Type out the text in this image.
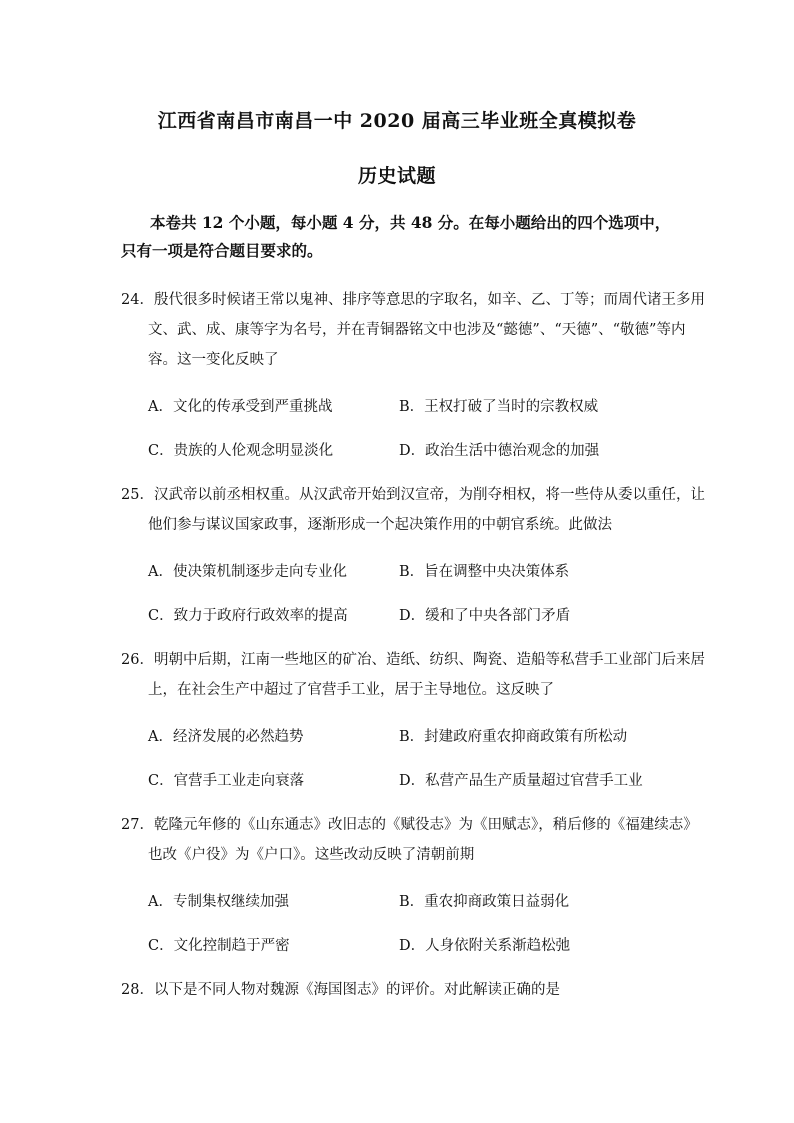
江西省南昌市南昌一中 2020 届高三毕业班全真模拟卷
历史试题
本卷共 12 个小题，每小题 4 分，共 48 分。在每小题给出的四个选项中，
只有一项是符合题目要求的。
24．殷代很多时候诸王常以鬼神、排序等意思的字取名，如辛、乙、丁等；而周代诸王多用
文、武、成、康等字为名号，并在青铜器铭文中也涉及“懿德”、“天德”、“敬德”等内
容。这一变化反映了
A．文化的传承受到严重挑战	B．王权打破了当时的宗教权威
C．贵族的人伦观念明显淡化	D．政治生活中德治观念的加强
25．汉武帝以前丞相权重。从汉武帝开始到汉宣帝，为削夺相权，将一些侍从委以重任，让
他们参与谋议国家政事，逐渐形成一个起决策作用的中朝官系统。此做法
A．使决策机制逐步走向专业化	B．旨在调整中央决策体系
C．致力于政府行政效率的提高	D．缓和了中央各部门矛盾
26．明朝中后期，江南一些地区的矿冶、造纸、纺织、陶瓷、造船等私营手工业部门后来居
上，在社会生产中超过了官营手工业，居于主导地位。这反映了
A．经济发展的必然趋势	B．封建政府重农抑商政策有所松动
C．官营手工业走向衰落	D．私营产品生产质量超过官营手工业
27．乾隆元年修的《山东通志》改旧志的《赋役志》为《田赋志》，稍后修的《福建续志》
也改《户役》为《户口》。这些改动反映了清朝前期
A．专制集权继续加强	B．重农抑商政策日益弱化
C．文化控制趋于严密	D．人身依附关系渐趋松弛
28．以下是不同人物对魏源《海国图志》的评价。对此解读正确的是
